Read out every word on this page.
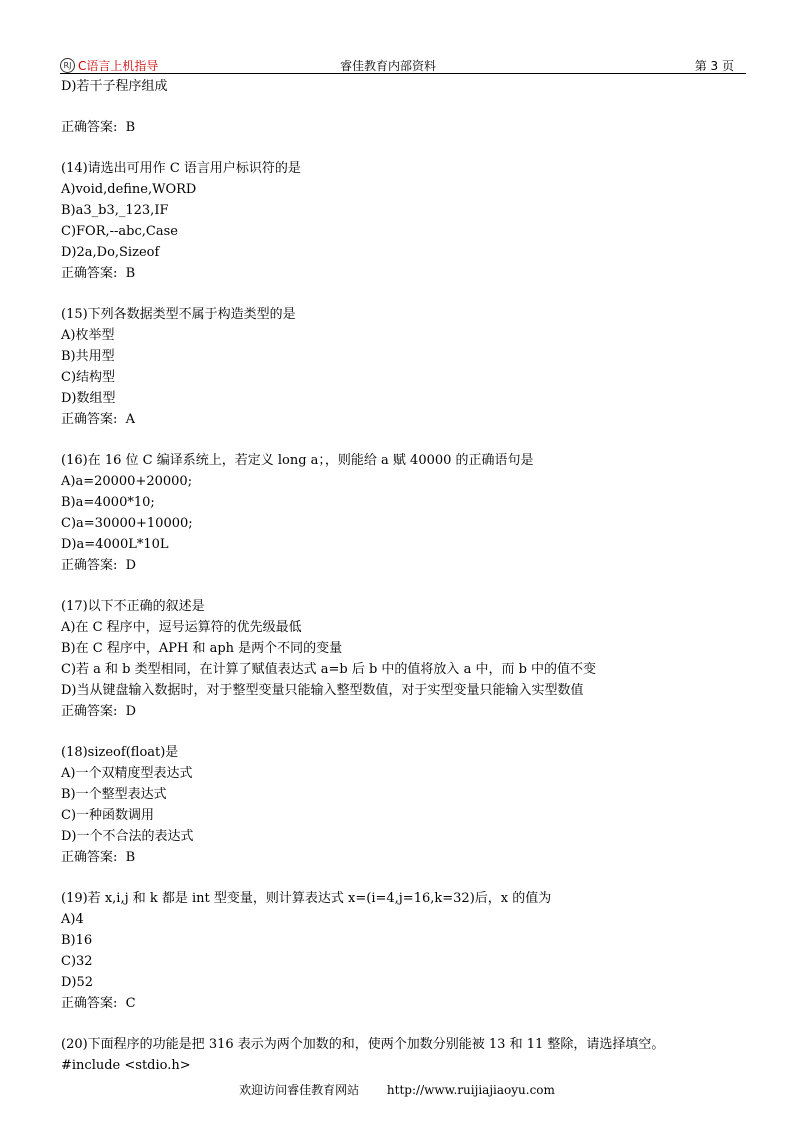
RJ C语言上机指导	睿佳教育内部资料	第 3 页
D)若干子程序组成
正确答案:  B
(14)请选出可用作 C 语言用户标识符的是
A)void,define,WORD
B)a3_b3,_123,IF
C)FOR,--abc,Case
D)2a,Do,Sizeof
正确答案:  B
(15)下列各数据类型不属于构造类型的是
A)枚举型
B)共用型
C)结构型
D)数组型
正确答案:  A
(16)在 16 位 C 编译系统上，若定义 long a；，则能给 a 赋 40000 的正确语句是
A)a=20000+20000;
B)a=4000*10;
C)a=30000+10000;
D)a=4000L*10L
正确答案:  D
(17)以下不正确的叙述是
A)在 C 程序中，逗号运算符的优先级最低
B)在 C 程序中，APH 和 aph 是两个不同的变量
C)若 a 和 b 类型相同，在计算了赋值表达式 a=b 后 b 中的值将放入 a 中，而 b 中的值不变
D)当从键盘输入数据时，对于整型变量只能输入整型数值，对于实型变量只能输入实型数值
正确答案:  D
(18)sizeof(float)是
A)一个双精度型表达式
B)一个整型表达式
C)一种函数调用
D)一个不合法的表达式
正确答案:  B
(19)若 x,i,j 和 k 都是 int 型变量，则计算表达式 x=(i=4,j=16,k=32)后，x 的值为
A)4
B)16
C)32
D)52
正确答案:  C
(20)下面程序的功能是把 316 表示为两个加数的和，使两个加数分别能被 13 和 11 整除，请选择填空。
#include <stdio.h>
欢迎访问睿佳教育网站 http://www.ruijiajiaoyu.com
